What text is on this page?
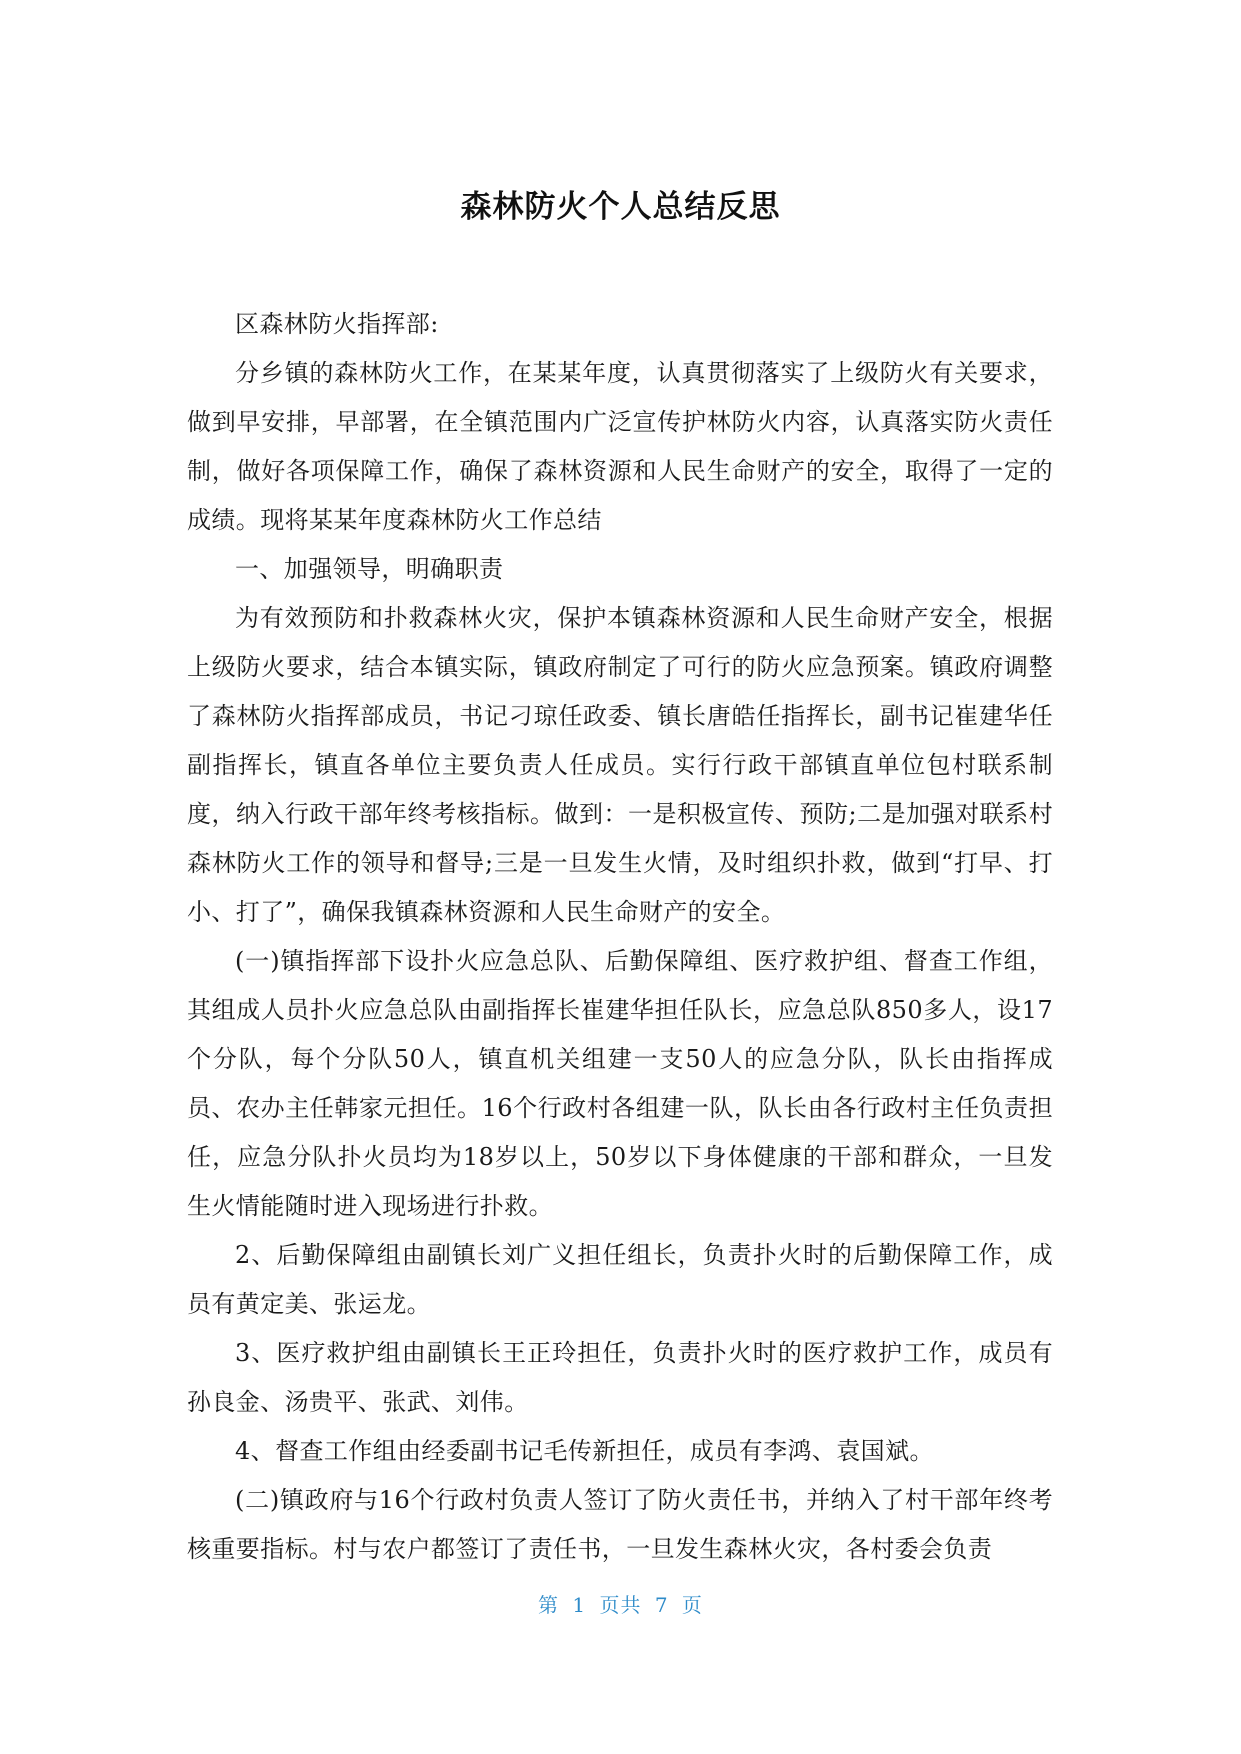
森林防火个人总结反思

区森林防火指挥部:

分乡镇的森林防火工作，在某某年度，认真贯彻落实了上级防火有关要求，做到早安排，早部署，在全镇范围内广泛宣传护林防火内容，认真落实防火责任制，做好各项保障工作，确保了森林资源和人民生命财产的安全，取得了一定的成绩。现将某某年度森林防火工作总结

一、加强领导，明确职责

为有效预防和扑救森林火灾，保护本镇森林资源和人民生命财产安全，根据上级防火要求，结合本镇实际，镇政府制定了可行的防火应急预案。镇政府调整了森林防火指挥部成员，书记刁琼任政委、镇长唐皓任指挥长，副书记崔建华任副指挥长，镇直各单位主要负责人任成员。实行行政干部镇直单位包村联系制度，纳入行政干部年终考核指标。做到：一是积极宣传、预防;二是加强对联系村森林防火工作的领导和督导;三是一旦发生火情，及时组织扑救，做到“打早、打小、打了”，确保我镇森林资源和人民生命财产的安全。

(一)镇指挥部下设扑火应急总队、后勤保障组、医疗救护组、督查工作组，其组成人员扑火应急总队由副指挥长崔建华担任队长，应急总队850多人，设17个分队，每个分队50人，镇直机关组建一支50人的应急分队，队长由指挥成员、农办主任韩家元担任。16个行政村各组建一队，队长由各行政村主任负责担任，应急分队扑火员均为18岁以上，50岁以下身体健康的干部和群众，一旦发生火情能随时进入现场进行扑救。

2、后勤保障组由副镇长刘广义担任组长，负责扑火时的后勤保障工作，成员有黄定美、张运龙。

3、医疗救护组由副镇长王正玲担任，负责扑火时的医疗救护工作，成员有孙良金、汤贵平、张武、刘伟。

4、督查工作组由经委副书记毛传新担任，成员有李鸿、袁国斌。

(二)镇政府与16个行政村负责人签订了防火责任书，并纳入了村干部年终考核重要指标。村与农户都签订了责任书，一旦发生森林火灾，各村委会负责

第 1 页共 7 页
